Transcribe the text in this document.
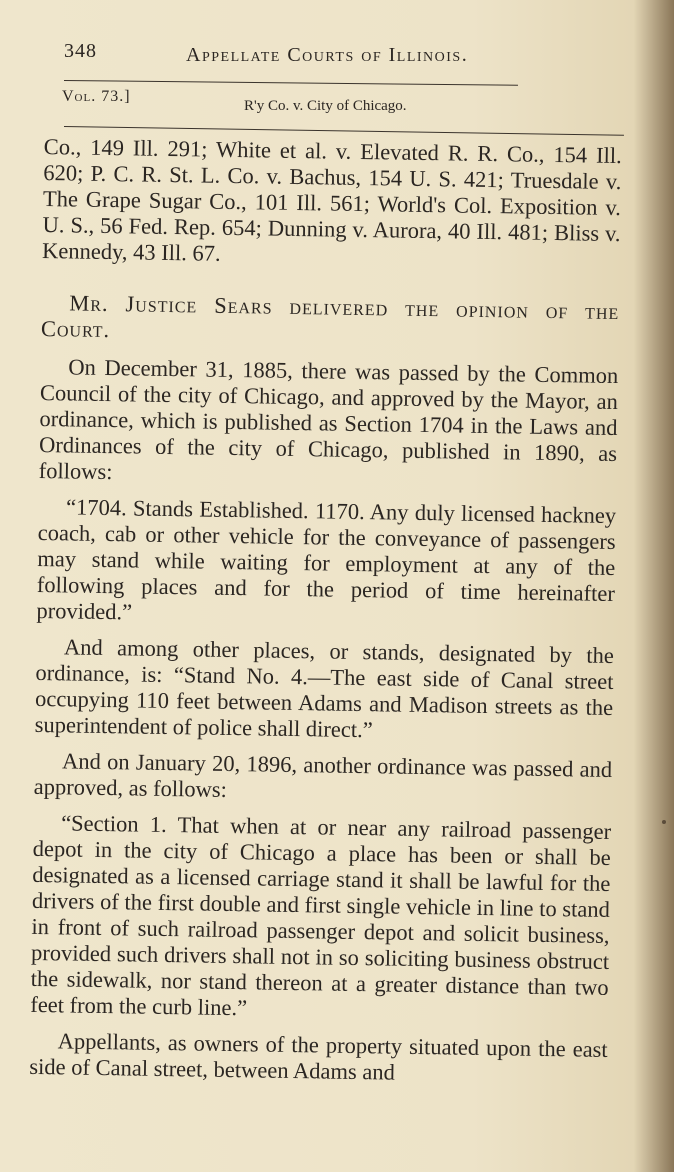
348	Appellate Courts of Illinois.
Vol. 73.]
R'y Co. v. City of Chicago.

Co., 149 Ill. 291; White et al. v. Elevated R. R. Co., 154 Ill. 620; P. C. R. St. L. Co. v. Bachus, 154 U. S. 421; Truesdale v. The Grape Sugar Co., 101 Ill. 561; World's Col. Exposition v. U. S., 56 Fed. Rep. 654; Dunning v. Aurora, 40 Ill. 481; Bliss v. Kennedy, 43 Ill. 67.

Mr. Justice Sears delivered the opinion of the Court.

On December 31, 1885, there was passed by the Common Council of the city of Chicago, and approved by the Mayor, an ordinance, which is published as Section 1704 in the Laws and Ordinances of the city of Chicago, published in 1890, as follows:

“1704. Stands Established. 1170. Any duly licensed hackney coach, cab or other vehicle for the conveyance of passengers may stand while waiting for employment at any of the following places and for the period of time hereinafter provided.”

And among other places, or stands, designated by the ordinance, is: “Stand No. 4.—The east side of Canal street occupying 110 feet between Adams and Madison streets as the superintendent of police shall direct.”

And on January 20, 1896, another ordinance was passed and approved, as follows:

“Section 1. That when at or near any railroad passenger depot in the city of Chicago a place has been or shall be designated as a licensed carriage stand it shall be lawful for the drivers of the first double and first single vehicle in line to stand in front of such railroad passenger depot and solicit business, provided such drivers shall not in so soliciting business obstruct the sidewalk, nor stand thereon at a greater distance than two feet from the curb line.”

Appellants, as owners of the property situated upon the east side of Canal street, between Adams and
